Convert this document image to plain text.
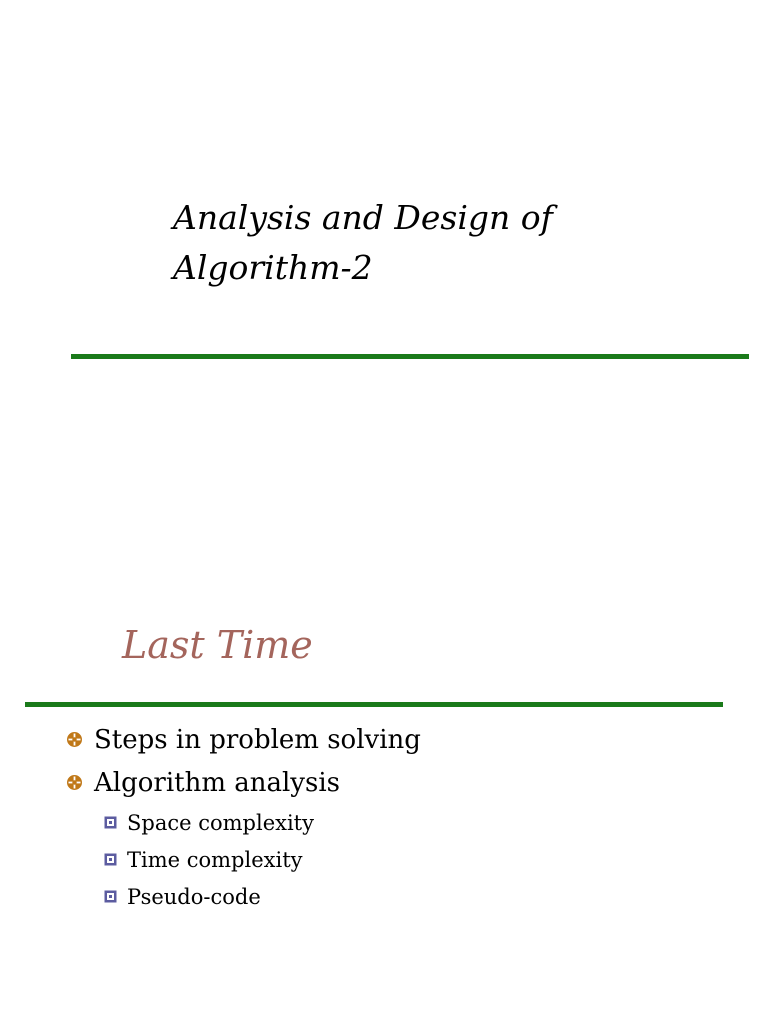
Analysis and Design of
Algorithm-2
Last Time
Steps in problem solving
Algorithm analysis
Space complexity
Time complexity
Pseudo-code
